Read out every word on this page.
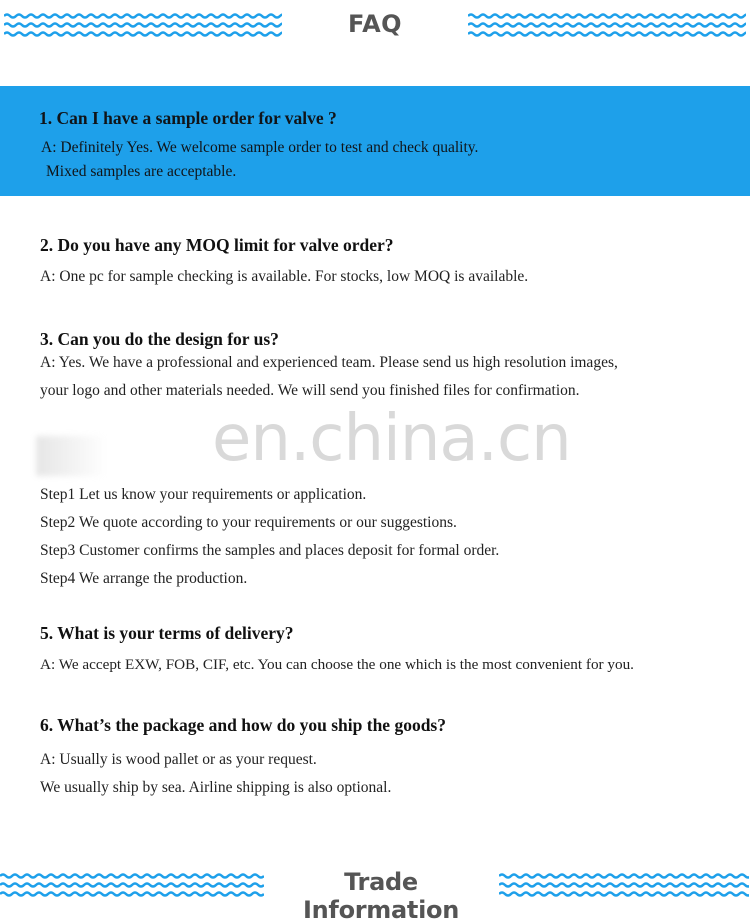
FAQ
1. Can I have a sample order for valve ?
A: Definitely Yes. We welcome sample order to test and check quality.
Mixed samples are acceptable.
2. Do you have any MOQ limit for valve order?
A: One pc for sample checking is available. For stocks, low MOQ is available.
3. Can you do the design for us?
A: Yes. We have a professional and experienced team. Please send us high resolution images,
your logo and other materials needed. We will send you finished files for confirmation.
en.china.cn
Step1 Let us know your requirements or application.
Step2 We quote according to your requirements or our suggestions.
Step3 Customer confirms the samples and places deposit for formal order.
Step4 We arrange the production.
5. What is your terms of delivery?
A: We accept EXW, FOB, CIF, etc. You can choose the one which is the most convenient for you.
6. What’s the package and how do you ship the goods?
A: Usually is wood pallet or as your request.
We usually ship by sea. Airline shipping is also optional.
Trade Information
